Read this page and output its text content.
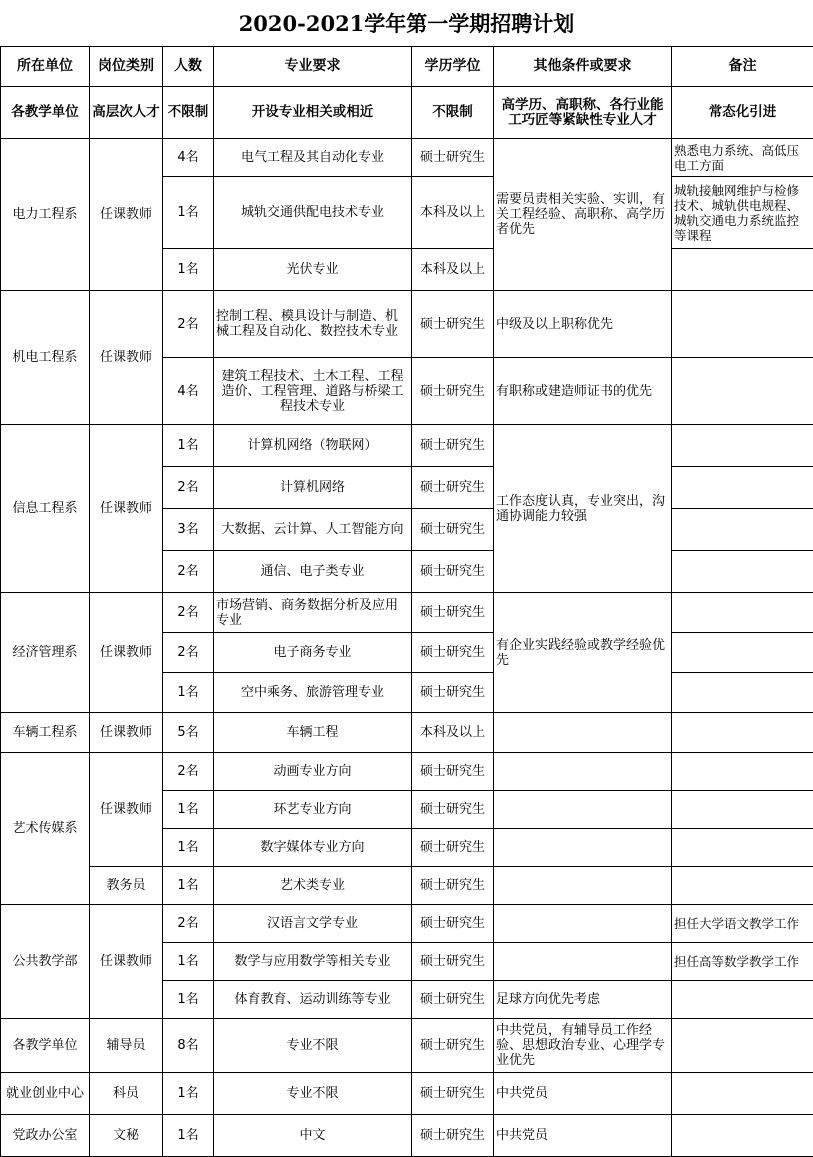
2020-2021学年第一学期招聘计划
所在单位	岗位类别	人数	专业要求	学历学位	其他条件或要求	备注
各教学单位	高层次人才	不限制	开设专业相关或相近	不限制	高学历、高职称、各行业能工巧匠等紧缺性专业人才	常态化引进
电力工程系	任课教师	4名	电气工程及其自动化专业	硕士研究生	需要员责相关实验、实训，有关工程经验、高职称、高学历者优先	熟悉电力系统、高低压电工方面
		1名	城轨交通供配电技术专业	本科及以上		城轨接触网维护与检修技术、城轨供电规程、城轨交通电力系统监控等课程
		1名	光伏专业	本科及以上		
机电工程系	任课教师	2名	控制工程、模具设计与制造、机械工程及自动化、数控技术专业	硕士研究生	中级及以上职称优先	
		4名	建筑工程技术、土木工程、工程造价、工程管理、道路与桥梁工程技术专业	硕士研究生	有职称或建造师证书的优先	
信息工程系	任课教师	1名	计算机网络（物联网）	硕士研究生	工作态度认真，专业突出，沟通协调能力较强	
		2名	计算机网络	硕士研究生		
		3名	大数据、云计算、人工智能方向	硕士研究生		
		2名	通信、电子类专业	硕士研究生		
经济管理系	任课教师	2名	市场营销、商务数据分析及应用专业	硕士研究生	有企业实践经验或教学经验优先	
		2名	电子商务专业	硕士研究生		
		1名	空中乘务、旅游管理专业	硕士研究生		
车辆工程系	任课教师	5名	车辆工程	本科及以上		
艺术传媒系	任课教师	2名	动画专业方向	硕士研究生		
		1名	环艺专业方向	硕士研究生		
		1名	数字媒体专业方向	硕士研究生		
	教务员	1名	艺术类专业	硕士研究生		
公共教学部	任课教师	2名	汉语言文学专业	硕士研究生		担任大学语文教学工作
		1名	数学与应用数学等相关专业	硕士研究生		担任高等数学教学工作
		1名	体育教育、运动训练等专业	硕士研究生	足球方向优先考虑	
各教学单位	辅导员	8名	专业不限	硕士研究生	中共党员，有辅导员工作经验、思想政治专业、心理学专业优先	
就业创业中心	科员	1名	专业不限	硕士研究生	中共党员	
党政办公室	文秘	1名	中文	硕士研究生	中共党员	
